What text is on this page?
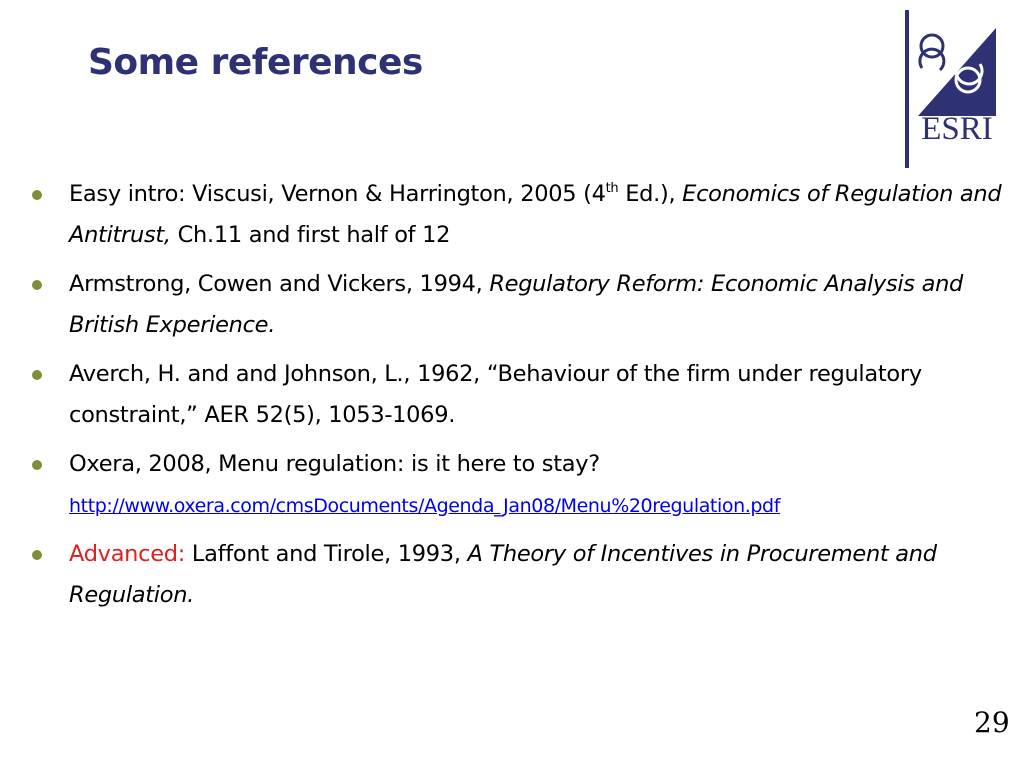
Some references
ESRI
Easy intro: Viscusi, Vernon & Harrington, 2005 (4th Ed.), Economics of Regulation and Antitrust, Ch.11 and first half of 12
Armstrong, Cowen and Vickers, 1994, Regulatory Reform: Economic Analysis and British Experience.
Averch, H. and and Johnson, L., 1962, “Behaviour of the firm under regulatory constraint,” AER 52(5), 1053-1069.
Oxera, 2008, Menu regulation: is it here to stay?
http://www.oxera.com/cmsDocuments/Agenda_Jan08/Menu%20regulation.pdf
Advanced: Laffont and Tirole, 1993, A Theory of Incentives in Procurement and Regulation.
29
